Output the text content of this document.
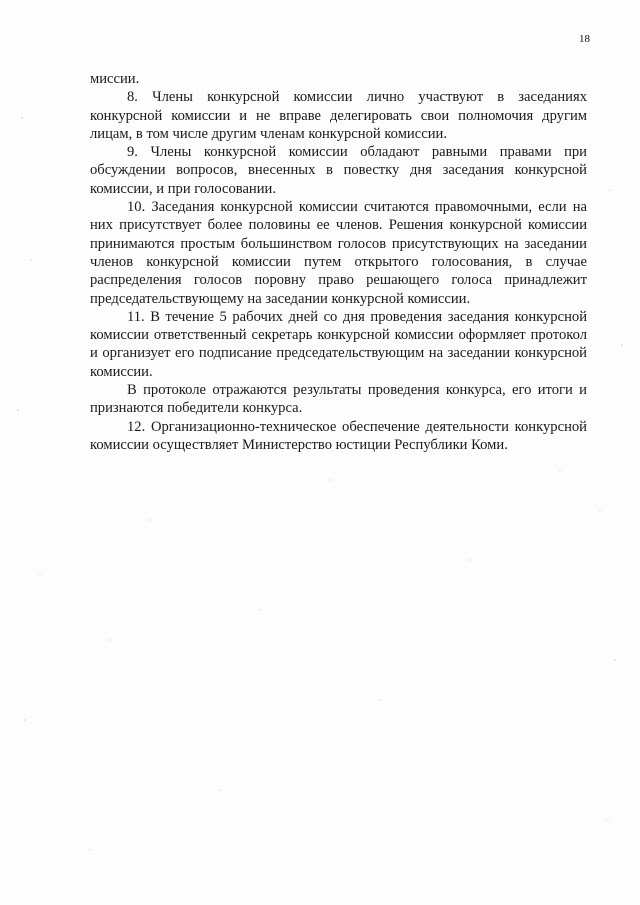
18

миссии.

8. Члены конкурсной комиссии лично участвуют в заседаниях конкурсной комиссии и не вправе делегировать свои полномочия другим лицам, в том числе другим членам конкурсной комиссии.

9. Члены конкурсной комиссии обладают равными правами при обсуждении вопросов, внесенных в повестку дня заседания конкурсной комиссии, и при голосовании.

10. Заседания конкурсной комиссии считаются правомочными, если на них присутствует более половины ее членов. Решения конкурсной комиссии принимаются простым большинством голосов присутствующих на заседании членов конкурсной комиссии путем открытого голосования, в случае распределения голосов поровну право решающего голоса принадлежит председательствующему на заседании конкурсной комиссии.

11. В течение 5 рабочих дней со дня проведения заседания конкурсной комиссии ответственный секретарь конкурсной комиссии оформляет протокол и организует его подписание председательствующим на заседании конкурсной комиссии.

В протоколе отражаются результаты проведения конкурса, его итоги и признаются победители конкурса.

12. Организационно-техническое обеспечение деятельности конкурсной комиссии осуществляет Министерство юстиции Республики Коми.
